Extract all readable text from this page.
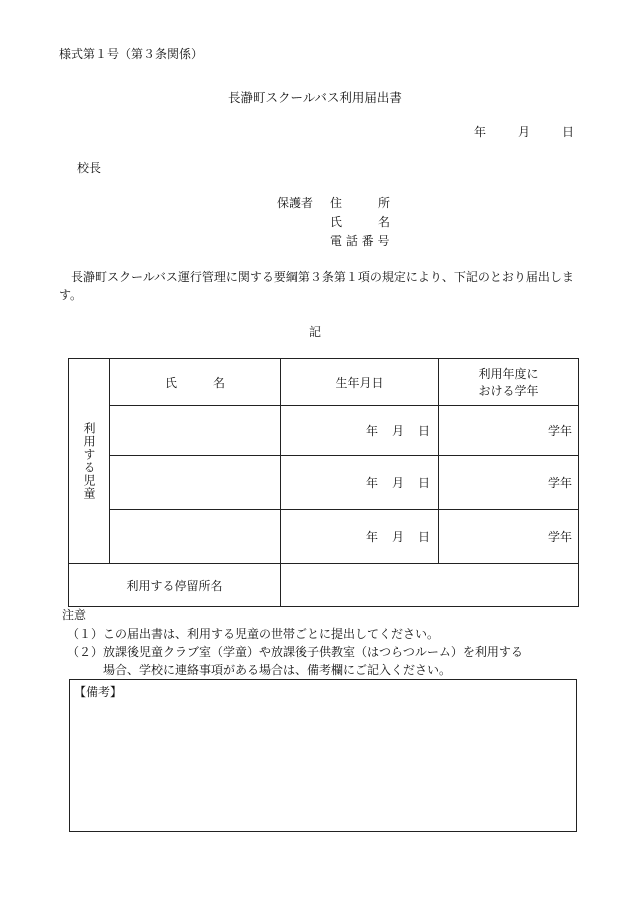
様式第１号（第３条関係）
長瀞町スクールバス利用届出書
年	月	日
校長
保護者 住　　　所
氏　　　名
電 話 番 号
長瀞町スクールバス運行管理に関する要綱第３条第１項の規定により、下記のとおり届出します。
記
利用する児童	氏　　　名	生年月日	利用年度に
おける学年

		年 月 日	学年
		年 月 日	学年
		年 月 日	学年
利用する停留所名			
注意
（１）この届出書は、利用する児童の世帯ごとに提出してください。
（２）放課後児童クラブ室（学童）や放課後子供教室（はつらつルーム）を利用する
場合、学校に連絡事項がある場合は、備考欄にご記入ください。
【備考】
